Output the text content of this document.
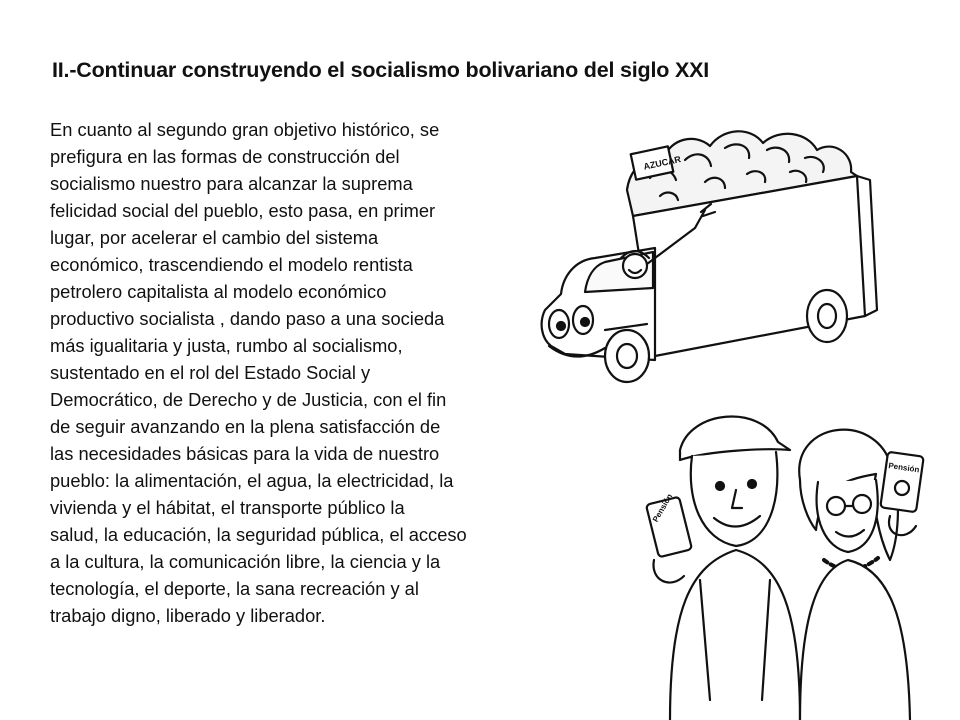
II.-Continuar construyendo el socialismo bolivariano del siglo XXI
En cuanto al segundo gran objetivo histórico, se
prefigura en las formas de construcción del
socialismo nuestro para alcanzar la suprema
felicidad social del pueblo, esto pasa, en primer
lugar, por acelerar el cambio del sistema
económico, trascendiendo el modelo rentista
petrolero capitalista al modelo económico
productivo socialista , dando paso a una socieda
más igualitaria y justa, rumbo al socialismo,
sustentado en el rol del Estado Social y
Democrático, de Derecho y de Justicia, con el fin
de seguir avanzando en la plena satisfacción de
las necesidades básicas para la vida de nuestro
pueblo: la alimentación, el agua, la electricidad, la
vivienda y el hábitat, el transporte público la
salud, la educación, la seguridad pública, el acceso
a la cultura, la comunicación libre, la ciencia y la
tecnología, el deporte, la sana recreación y al
trabajo digno, liberado y liberador.
AZUCAR
Pensión
Pensión
